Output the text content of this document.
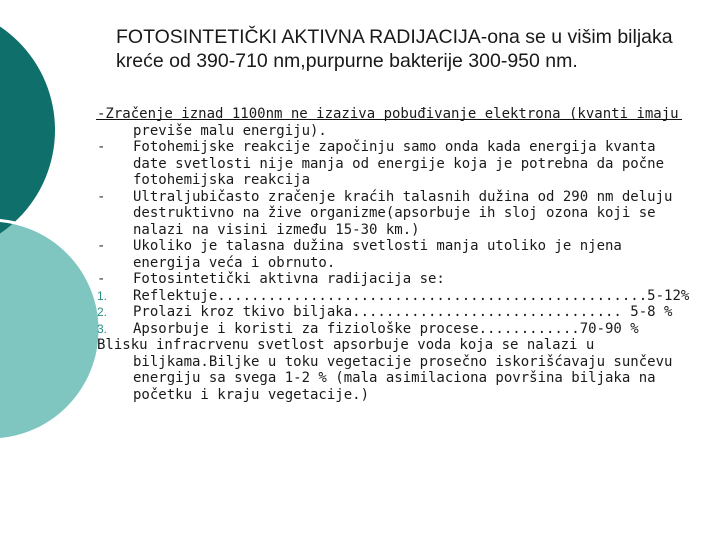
FOTOSINTETIČKI AKTIVNA RADIJACIJA-ona se u višim biljaka kreće od 390-710 nm,purpurne bakterije 300-950 nm.
-Zračenje iznad 1100nm ne izaziva pobuđivanje elektrona (kvanti imaju previše malu energiju).
-	Fotohemijske reakcije započinju samo onda kada energija kvanta date svetlosti nije manja od energije koja je potrebna da počne fotohemijska reakcija
-	Ultraljubičasto zračenje kraćih talasnih dužina od 290 nm deluju destruktivno na žive organizme(apsorbuje ih sloj ozona koji se nalazi na visini između 15-30 km.)
-	Ukoliko je talasna dužina svetlosti manja utoliko je njena energija veća i obrnuto.
-	Fotosintetički aktivna radijacija se:
1.	Reflektuje...................................................5-12%
2.	Prolazi kroz tkivo biljaka................................ 5-8 %
3.	Apsorbuje i koristi za fiziološke procese............70-90 %
Blisku infracrvenu svetlost apsorbuje voda koja se nalazi u biljkama.Biljke u toku vegetacije prosečno iskorišćavaju sunčevu energiju sa svega 1-2 % (mala asimilaciona površina biljaka na početku i kraju vegetacije.)
